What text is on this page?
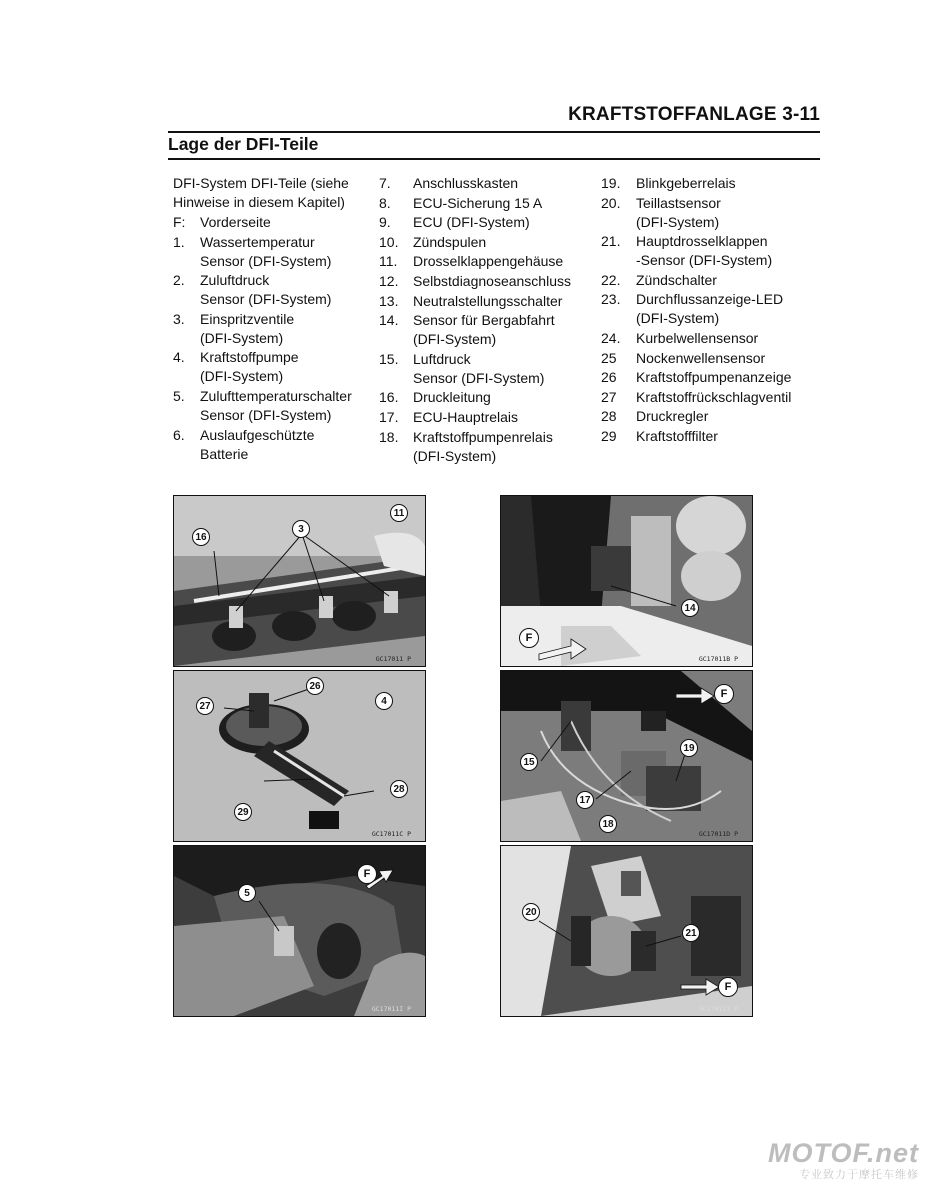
KRAFTSTOFFANLAGE 3-11
Lage der DFI-Teile
DFI-System DFI-Teile (siehe Hinweise in diesem Kapitel)
F:	Vorderseite
1.	Wassertemperatur
Sensor (DFI-System)
2.	Zuluftdruck
Sensor (DFI-System)
3.	Einspritzventile
(DFI-System)
4.	Kraftstoffpumpe
(DFI-System)
5.	Zulufttemperaturschalter
Sensor (DFI-System)
6.	Auslaufgeschützte
Batterie
7.	Anschlusskasten
8.	ECU-Sicherung 15 A
9.	ECU (DFI-System)
10.	Zündspulen
11.	Drosselklappengehäuse
12.	Selbstdiagnoseanschluss
13.	Neutralstellungsschalter
14.	Sensor für Bergabfahrt
(DFI-System)
15.	Luftdruck
Sensor (DFI-System)
16.	Druckleitung
17.	ECU-Hauptrelais
18.	Kraftstoffpumpenrelais
(DFI-System)
19.	Blinkgeberrelais
20.	Teillastsensor
(DFI-System)
21.	Hauptdrosselklappen
-Sensor (DFI-System)
22.	Zündschalter
23.	Durchflussanzeige-LED
(DFI-System)
24.	Kurbelwellensensor
25	Nockenwellensensor
26	Kraftstoffpumpenanzeige
27	Kraftstoffrückschlagventil
28	Druckregler
29	Kraftstofffilter
16
3
11
GC17011 P
14
F
GC17011B P
26
27	4
29
28
GC17011C P
F
19
15
17
18
GC17011D P
F
5
GC17011I P
20
21
F
GC17012I P
MOTOF.net
专业致力于摩托车维修
